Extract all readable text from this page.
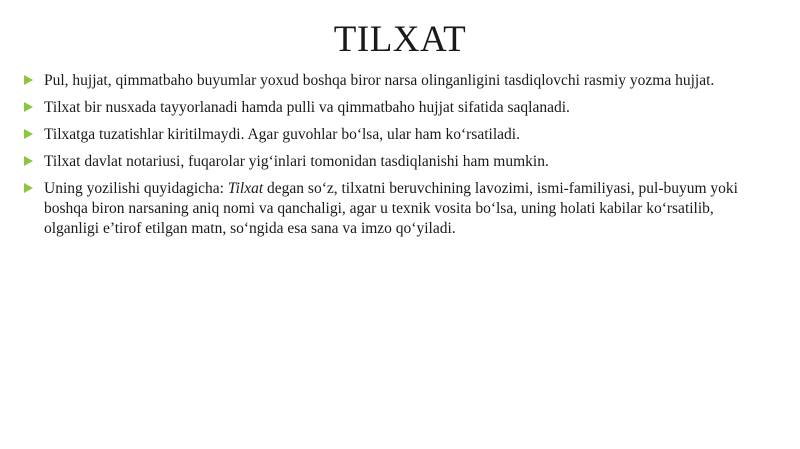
TILXAT
Pul, hujjat, qimmatbaho buyumlar yoxud boshqa biror narsa olinganligini tasdiqlovchi rasmiy yozma hujjat.
Tilxat bir nusxada tayyorlanadi hamda pulli va qimmatbaho hujjat sifatida saqlanadi.
Tilxatga tuzatishlar kiritilmaydi. Agar guvohlar bo‘lsa, ular ham ko‘rsatiladi.
Tilxat davlat notariusi, fuqarolar yig‘inlari tomonidan tasdiqlanishi ham mumkin.
Uning yozilishi quyidagicha: Tilxat degan so‘z, tilxatni beruvchining lavozimi, ismi-familiyasi, pul-buyum yoki boshqa biron narsaning aniq nomi va qanchaligi, agar u texnik vosita bo‘lsa, uning holati kabilar ko‘rsatilib, olganligi e’tirof etilgan matn, so‘ngida esa sana va imzo qo‘yiladi.
